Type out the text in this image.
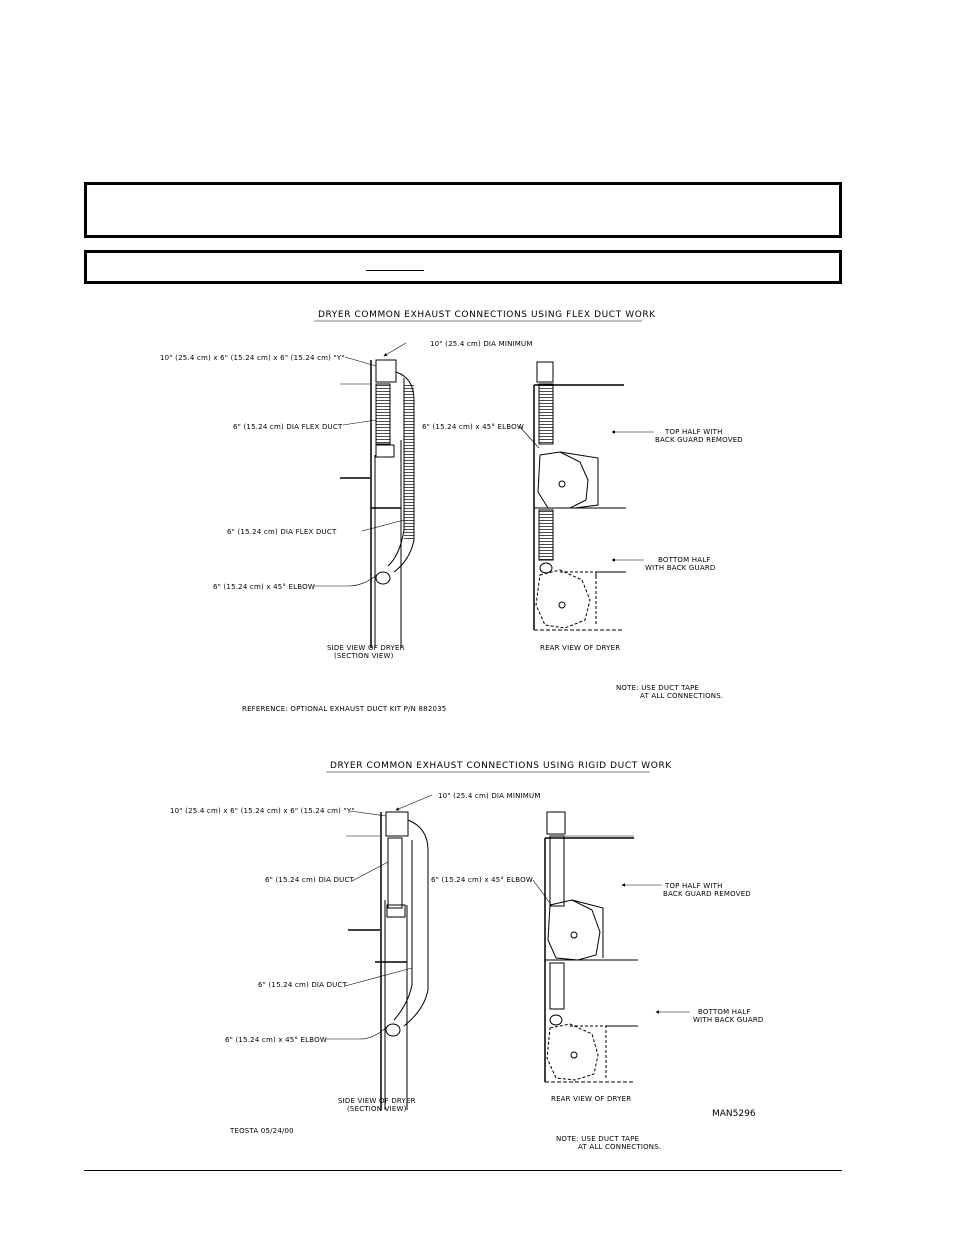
DRYER COMMON EXHAUST CONNECTIONS USING FLEX DUCT WORK
10" (25.4 cm) x 6" (15.24 cm) x 6" (15.24 cm) "Y"
10" (25.4 cm) DIA MINIMUM
6" (15.24 cm) DIA FLEX DUCT
6" (15.24 cm) DIA FLEX DUCT
6" (15.24 cm) x 45° ELBOW
6" (15.24 cm) x 45° ELBOW
TOP HALF WITH
BACK GUARD REMOVED
BOTTOM HALF
WITH BACK GUARD
SIDE VIEW OF DRYER
(SECTION VIEW)
REAR VIEW OF DRYER
NOTE: USE DUCT TAPE
AT ALL CONNECTIONS.
REFERENCE: OPTIONAL EXHAUST DUCT KIT P/N 882035
DRYER COMMON EXHAUST CONNECTIONS USING RIGID DUCT WORK
10" (25.4 cm) x 6" (15.24 cm) x 6" (15.24 cm) "Y"
10" (25.4 cm) DIA MINIMUM
6" (15.24 cm) DIA DUCT
6" (15.24 cm) DIA DUCT
6" (15.24 cm) x 45° ELBOW
6" (15.24 cm) x 45° ELBOW
TOP HALF WITH
BACK GUARD REMOVED
BOTTOM HALF
WITH BACK GUARD
SIDE VIEW OF DRYER
(SECTION VIEW)
REAR VIEW OF DRYER
MAN5296
TEOSTA 05/24/00
NOTE: USE DUCT TAPE
AT ALL CONNECTIONS.
